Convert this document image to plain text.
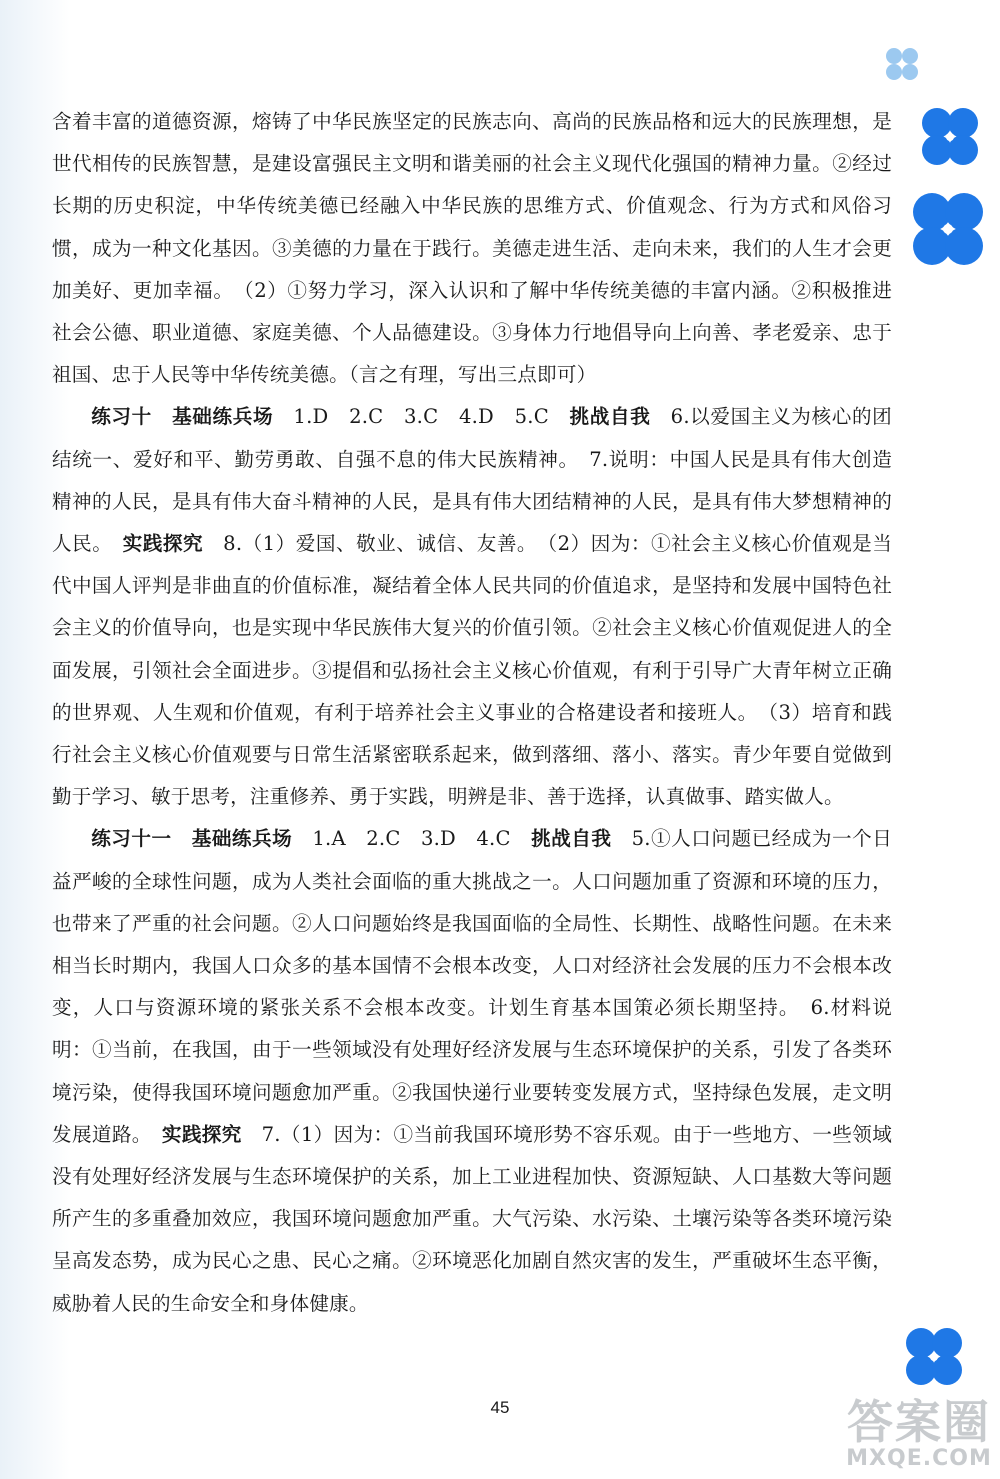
含着丰富的道德资源，熔铸了中华民族坚定的民族志向、高尚的民族品格和远大的民族理想，是世代相传的民族智慧，是建设富强民主文明和谐美丽的社会主义现代化强国的精神力量。②经过长期的历史积淀，中华传统美德已经融入中华民族的思维方式、价值观念、行为方式和风俗习惯，成为一种文化基因。③美德的力量在于践行。美德走进生活、走向未来，我们的人生才会更加美好、更加幸福。　（2）①努力学习，深入认识和了解中华传统美德的丰富内涵。②积极推进社会公德、职业道德、家庭美德、个人品德建设。③身体力行地倡导向上向善、孝老爱亲、忠于祖国、忠于人民等中华传统美德。（言之有理，写出三点即可）

练习十　基础练兵场　1.D　2.C　3.C　4.D　5.C　挑战自我　6.以爱国主义为核心的团结统一、爱好和平、勤劳勇敢、自强不息的伟大民族精神。　7.说明：中国人民是具有伟大创造精神的人民，是具有伟大奋斗精神的人民，是具有伟大团结精神的人民，是具有伟大梦想精神的人民。　实践探究　8.（1）爱国、敬业、诚信、友善。　（2）因为：①社会主义核心价值观是当代中国人评判是非曲直的价值标准，凝结着全体人民共同的价值追求，是坚持和发展中国特色社会主义的价值导向，也是实现中华民族伟大复兴的价值引领。②社会主义核心价值观促进人的全面发展，引领社会全面进步。③提倡和弘扬社会主义核心价值观，有利于引导广大青年树立正确的世界观、人生观和价值观，有利于培养社会主义事业的合格建设者和接班人。　（3）培育和践行社会主义核心价值观要与日常生活紧密联系起来，做到落细、落小、落实。青少年要自觉做到勤于学习、敏于思考，注重修养、勇于实践，明辨是非、善于选择，认真做事、踏实做人。

练习十一　基础练兵场　1.A　2.C　3.D　4.C　挑战自我　5.①人口问题已经成为一个日益严峻的全球性问题，成为人类社会面临的重大挑战之一。人口问题加重了资源和环境的压力，也带来了严重的社会问题。②人口问题始终是我国面临的全局性、长期性、战略性问题。在未来相当长时期内，我国人口众多的基本国情不会根本改变，人口对经济社会发展的压力不会根本改变，人口与资源环境的紧张关系不会根本改变。计划生育基本国策必须长期坚持。　6.材料说明：①当前，在我国，由于一些领域没有处理好经济发展与生态环境保护的关系，引发了各类环境污染，使得我国环境问题愈加严重。②我国快递行业要转变发展方式，坚持绿色发展，走文明发展道路。　实践探究　7.（1）因为：①当前我国环境形势不容乐观。由于一些地方、一些领域没有处理好经济发展与生态环境保护的关系，加上工业进程加快、资源短缺、人口基数大等问题所产生的多重叠加效应，我国环境问题愈加严重。大气污染、水污染、土壤污染等各类环境污染呈高发态势，成为民心之患、民心之痛。②环境恶化加剧自然灾害的发生，严重破坏生态平衡，威胁着人民的生命安全和身体健康。

45	答案圈
MXQE.COM
